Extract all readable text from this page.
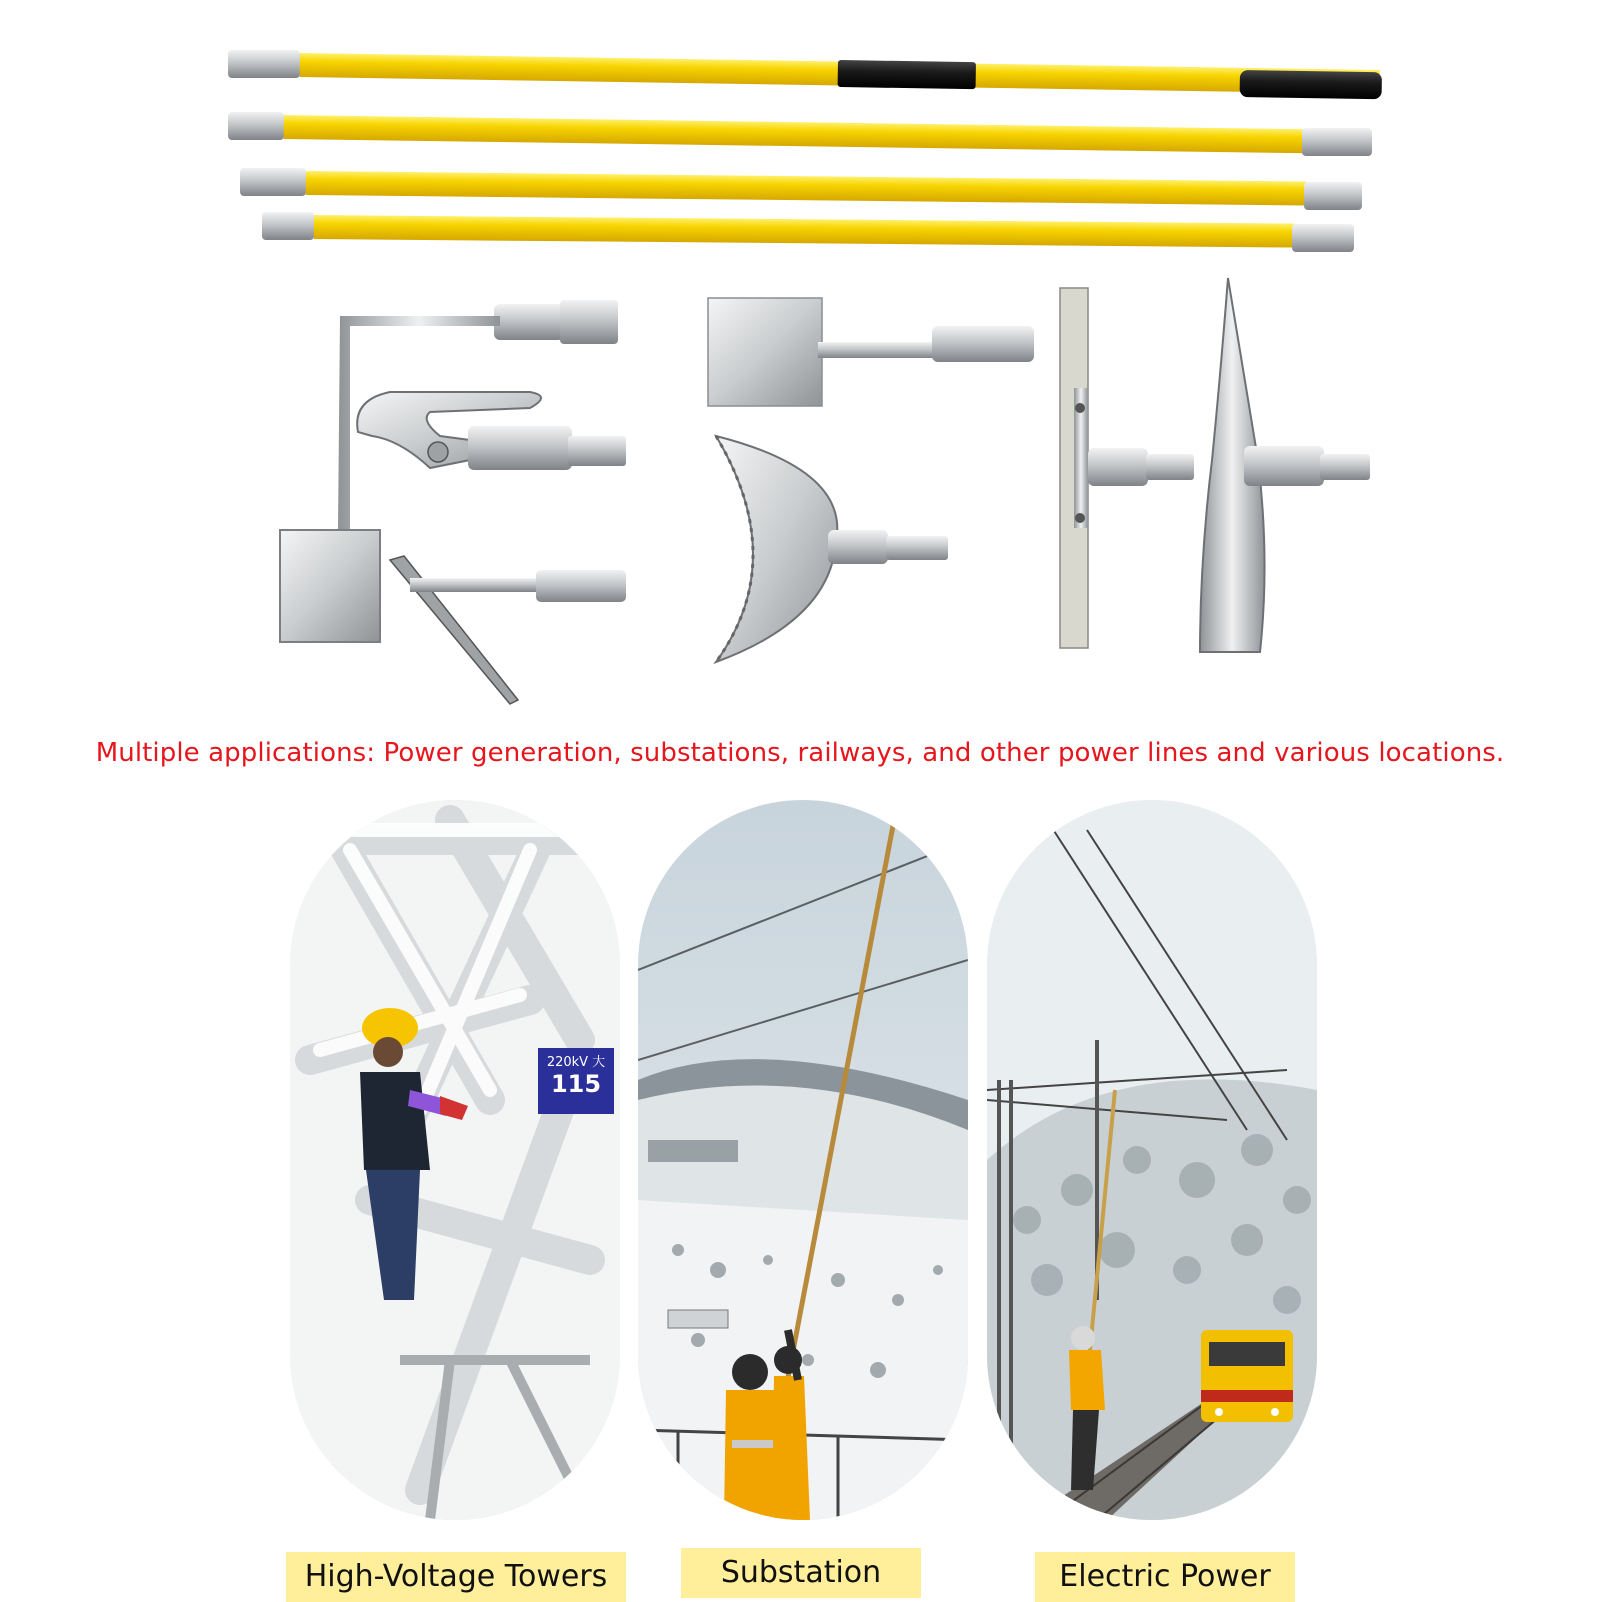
Multiple applications: Power generation, substations, railways, and other power lines and various locations.
220kV 大
115
High-Voltage Towers	Substation	Electric Power
